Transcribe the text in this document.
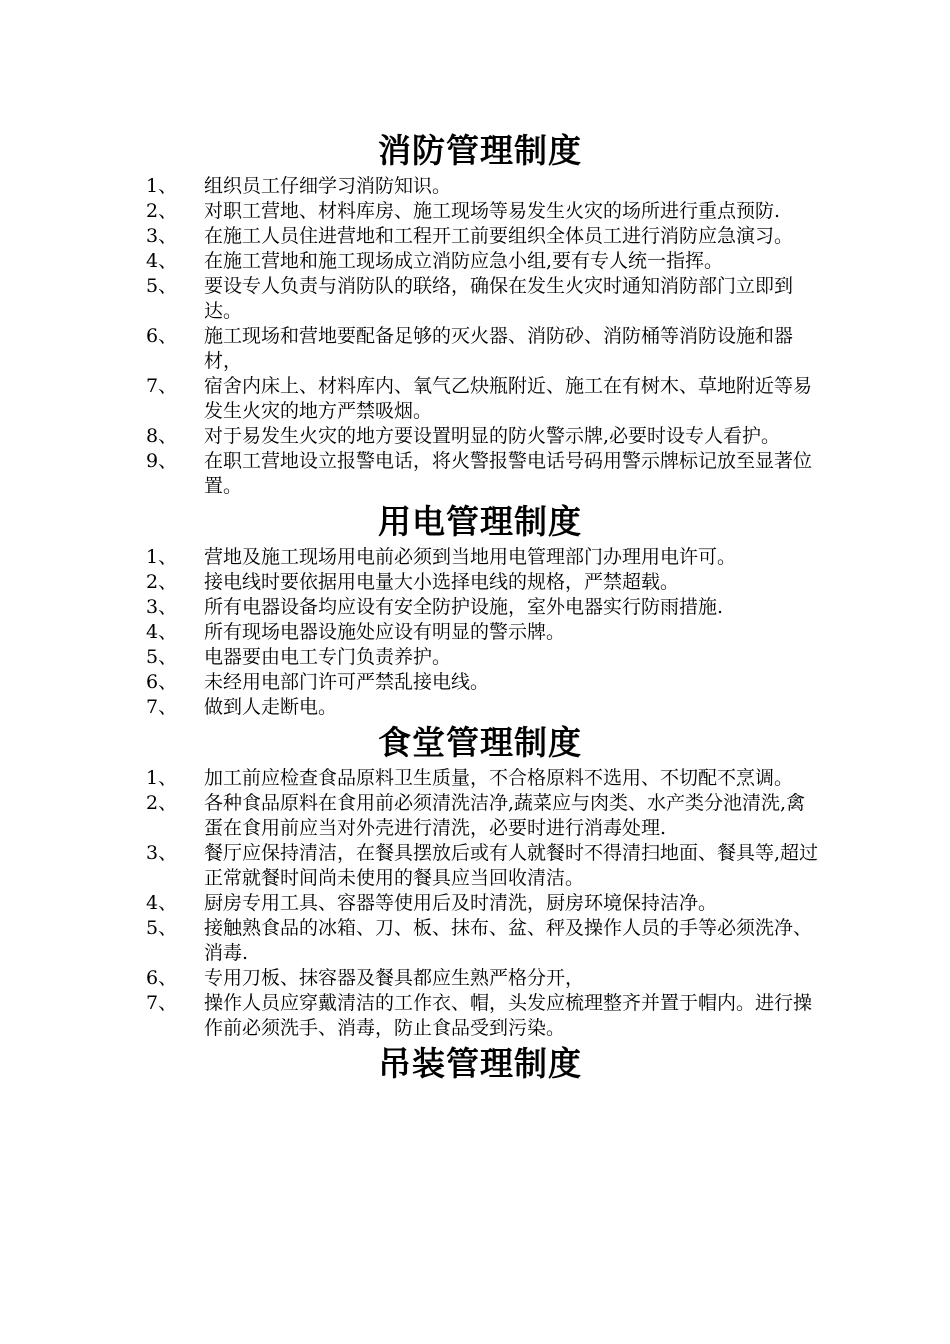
消防管理制度
1、	组织员工仔细学习消防知识。
2、	对职工营地、材料库房、施工现场等易发生火灾的场所进行重点预防.
3、	在施工人员住进营地和工程开工前要组织全体员工进行消防应急演习。
4、	在施工营地和施工现场成立消防应急小组,要有专人统一指挥。
5、	要设专人负责与消防队的联络，确保在发生火灾时通知消防部门立即到达。
6、	施工现场和营地要配备足够的灭火器、消防砂、消防桶等消防设施和器材，
7、	宿舍内床上、材料库内、氧气乙炔瓶附近、施工在有树木、草地附近等易发生火灾的地方严禁吸烟。
8、	对于易发生火灾的地方要设置明显的防火警示牌,必要时设专人看护。
9、	在职工营地设立报警电话，将火警报警电话号码用警示牌标记放至显著位置。
用电管理制度
1、	营地及施工现场用电前必须到当地用电管理部门办理用电许可。
2、	接电线时要依据用电量大小选择电线的规格，严禁超载。
3、	所有电器设备均应设有安全防护设施，室外电器实行防雨措施.
4、	所有现场电器设施处应设有明显的警示牌。
5、	电器要由电工专门负责养护。
6、	未经用电部门许可严禁乱接电线。
7、	做到人走断电。
食堂管理制度
1、	加工前应检查食品原料卫生质量，不合格原料不选用、不切配不烹调。
2、	各种食品原料在食用前必须清洗洁净,蔬菜应与肉类、水产类分池清洗,禽蛋在食用前应当对外壳进行清洗，必要时进行消毒处理.
3、	餐厅应保持清洁，在餐具摆放后或有人就餐时不得清扫地面、餐具等,超过正常就餐时间尚未使用的餐具应当回收清洁。
4、	厨房专用工具、容器等使用后及时清洗，厨房环境保持洁净。
5、	接触熟食品的冰箱、刀、板、抹布、盆、秤及操作人员的手等必须洗净、消毒.
6、	专用刀板、抹容器及餐具都应生熟严格分开，
7、	操作人员应穿戴清洁的工作衣、帽，头发应梳理整齐并置于帽内。进行操作前必须洗手、消毒，防止食品受到污染。
吊装管理制度
